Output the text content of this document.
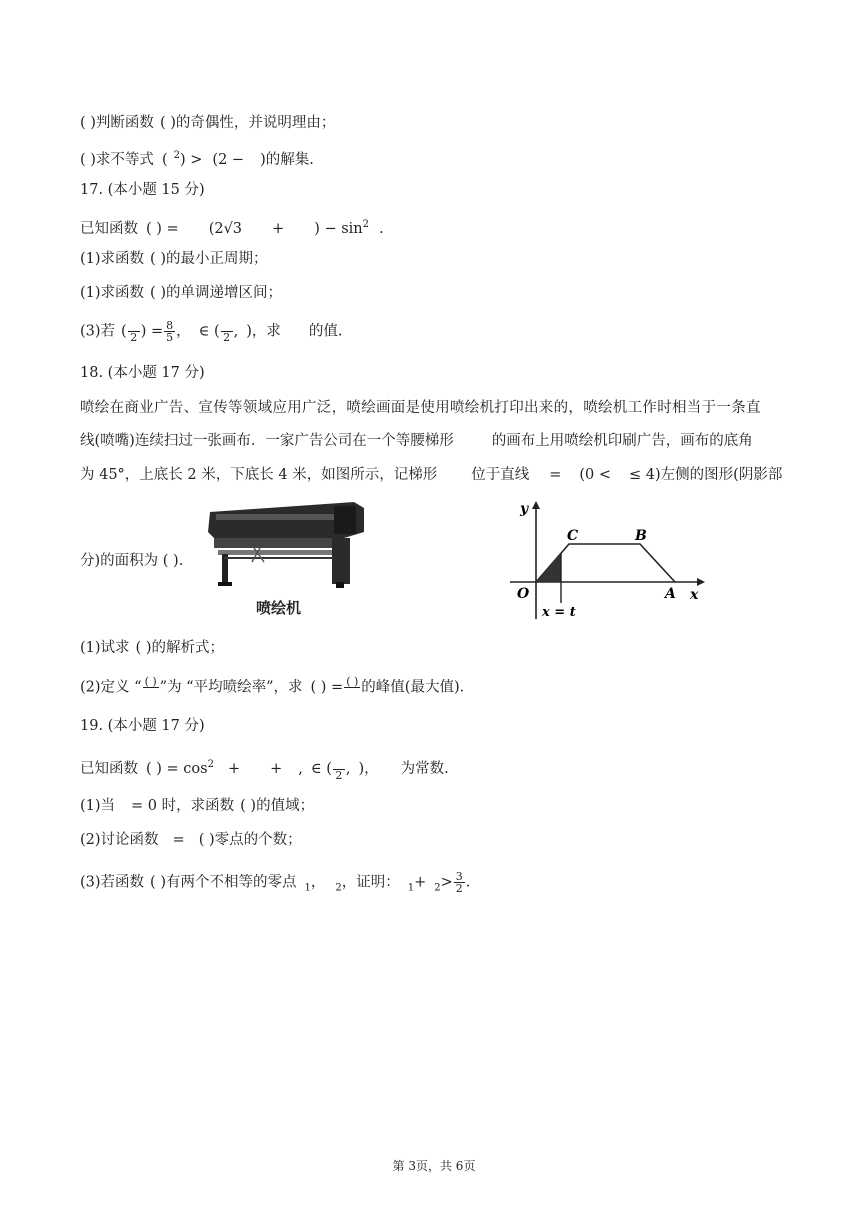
( )判断函数 ( )的奇偶性，并说明理由；
( )求不等式 ( $^2$) > (2 − )的解集.
17. (本小题 15 分)
已知函数 ( ) = (2√3 + ) − $\sin^2$ .
(1)求函数 ( )的最小正周期；
(1)求函数 ( )的单调递增区间；
(3)若 (
2 ) = $\frac{8}{5}$ ， ∈ (
2 , )，求 的值.
18. (本小题 17 分)
喷绘在商业广告、宣传等领域应用广泛，喷绘画面是使用喷绘机打印出来的，喷绘机工作时相当于一条直
线(喷嘴)连续扫过一张画布．一家广告公司在一个等腰梯形	的画布上用喷绘机印刷广告，画布的底角
为 45°，上底长 2 米，下底长 4 米，如图所示，记梯形 位于直线 = (0 < ≤ 4)左侧的图形(阴影部
分)的面积为 ( ).
喷绘机
y
x
O	A
B
C
x = t
(1)试求 ( )的解析式；
(2)定义 “ ( )
”为 “平均喷绘率”，求 ( ) = ( )
的峰值(最大值).
19. (本小题 17 分)
已知函数 ( ) = $\cos^2$ + + , ∈ (
2 , )， 为常数.
(1)当 = 0 时，求函数 ( )的值域；
(2)讨论函数 = ( )零点的个数；
(3)若函数 ( )有两个不相等的零点 $_1$， $_2$，证明： $_1+ _2> \frac{3}{2}$ .
第 3页，共 6页
